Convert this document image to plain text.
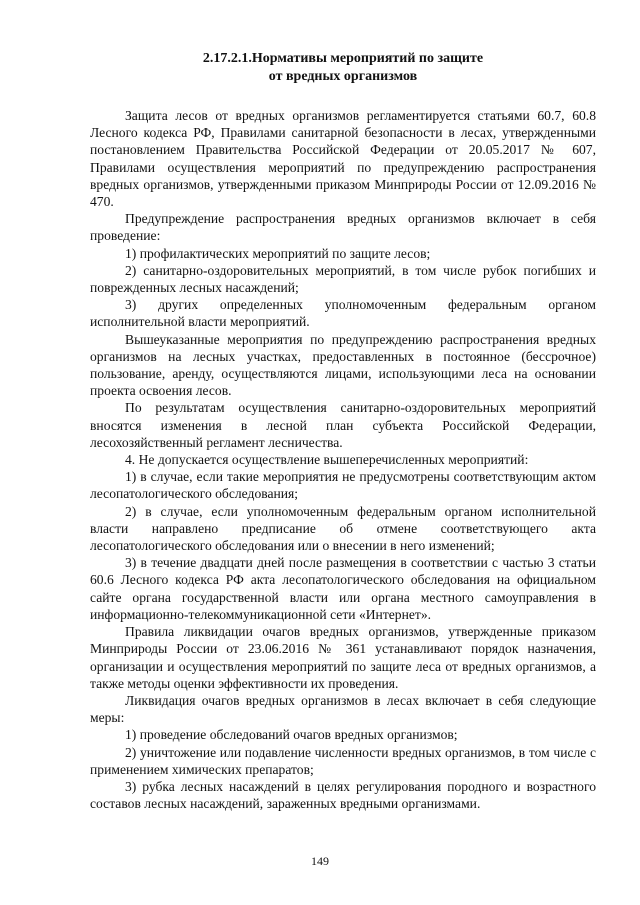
2.17.2.1.Нормативы мероприятий по защите
от вредных организмов

Защита лесов от вредных организмов регламентируется статьями 60.7, 60.8 Лесного кодекса РФ, Правилами санитарной безопасности в лесах, утвержденными постановлением Правительства Российской Федерации от 20.05.2017 № 607, Правилами осуществления мероприятий по предупреждению распространения вредных организмов, утвержденными приказом Минприроды России от 12.09.2016 № 470.

Предупреждение распространения вредных организмов включает в себя проведение:

1) профилактических мероприятий по защите лесов;

2) санитарно-оздоровительных мероприятий, в том числе рубок погибших и поврежденных лесных насаждений;

3) других определенных уполномоченным федеральным органом исполнительной власти мероприятий.

Вышеуказанные мероприятия по предупреждению распространения вредных организмов на лесных участках, предоставленных в постоянное (бессрочное) пользование, аренду, осуществляются лицами, использующими леса на основании проекта освоения лесов.

По результатам осуществления санитарно-оздоровительных мероприятий вносятся изменения в лесной план субъекта Российской Федерации, лесохозяйственный регламент лесничества.

4. Не допускается осуществление вышеперечисленных мероприятий:

1) в случае, если такие мероприятия не предусмотрены соответствующим актом лесопатологического обследования;

2) в случае, если уполномоченным федеральным органом исполнительной власти направлено предписание об отмене соответствующего акта лесопатологического обследования или о внесении в него изменений;

3) в течение двадцати дней после размещения в соответствии с частью 3 статьи 60.6 Лесного кодекса РФ акта лесопатологического обследования на официальном сайте органа государственной власти или органа местного самоуправления в информационно-телекоммуникационной сети «Интернет».

Правила ликвидации очагов вредных организмов, утвержденные приказом Минприроды России от 23.06.2016 № 361 устанавливают порядок назначения, организации и осуществления мероприятий по защите леса от вредных организмов, а также методы оценки эффективности их проведения.

Ликвидация очагов вредных организмов в лесах включает в себя следующие меры:

1) проведение обследований очагов вредных организмов;

2) уничтожение или подавление численности вредных организмов, в том числе с применением химических препаратов;

3) рубка лесных насаждений в целях регулирования породного и возрастного составов лесных насаждений, зараженных вредными организмами.

149
